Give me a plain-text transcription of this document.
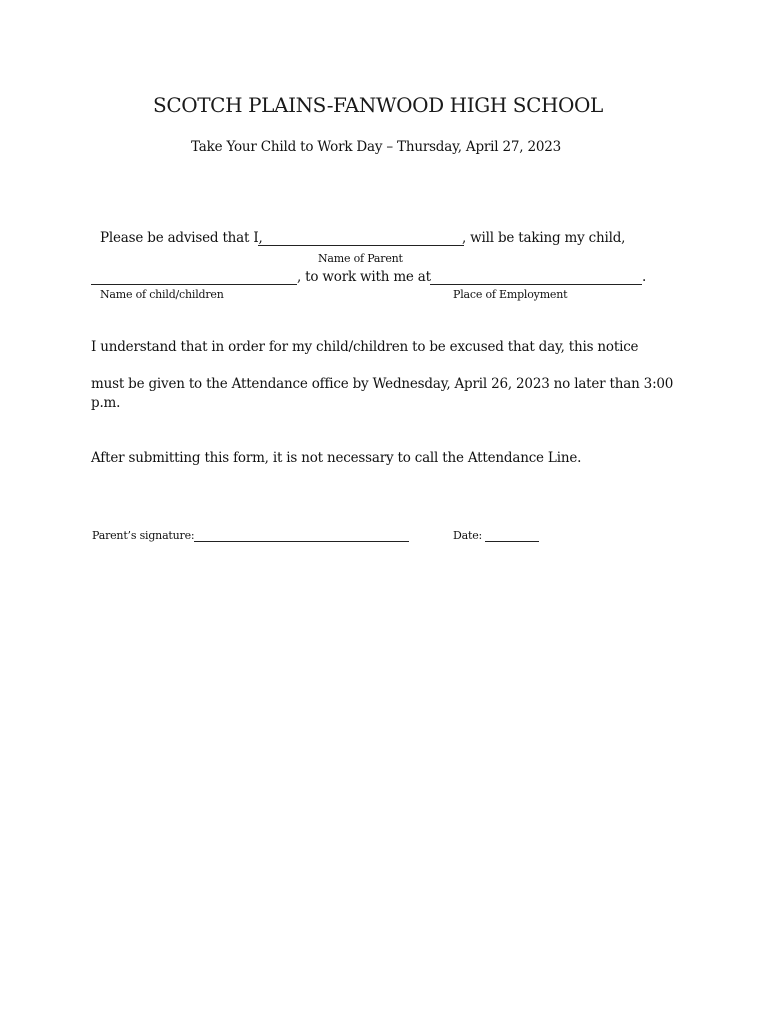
SCOTCH PLAINS-FANWOOD HIGH SCHOOL
Take Your Child to Work Day – Thursday, April 27, 2023
Please be advised that I,	, will be taking my child,
Name of Parent
, to work with me at	.
Name of child/children	Place of Employment
I understand that in order for my child/children to be excused that day, this notice
must be given to the Attendance office by Wednesday, April 26, 2023 no later than 3:00
p.m.
After submitting this form, it is not necessary to call the Attendance Line.
Parent’s signature:	Date:
